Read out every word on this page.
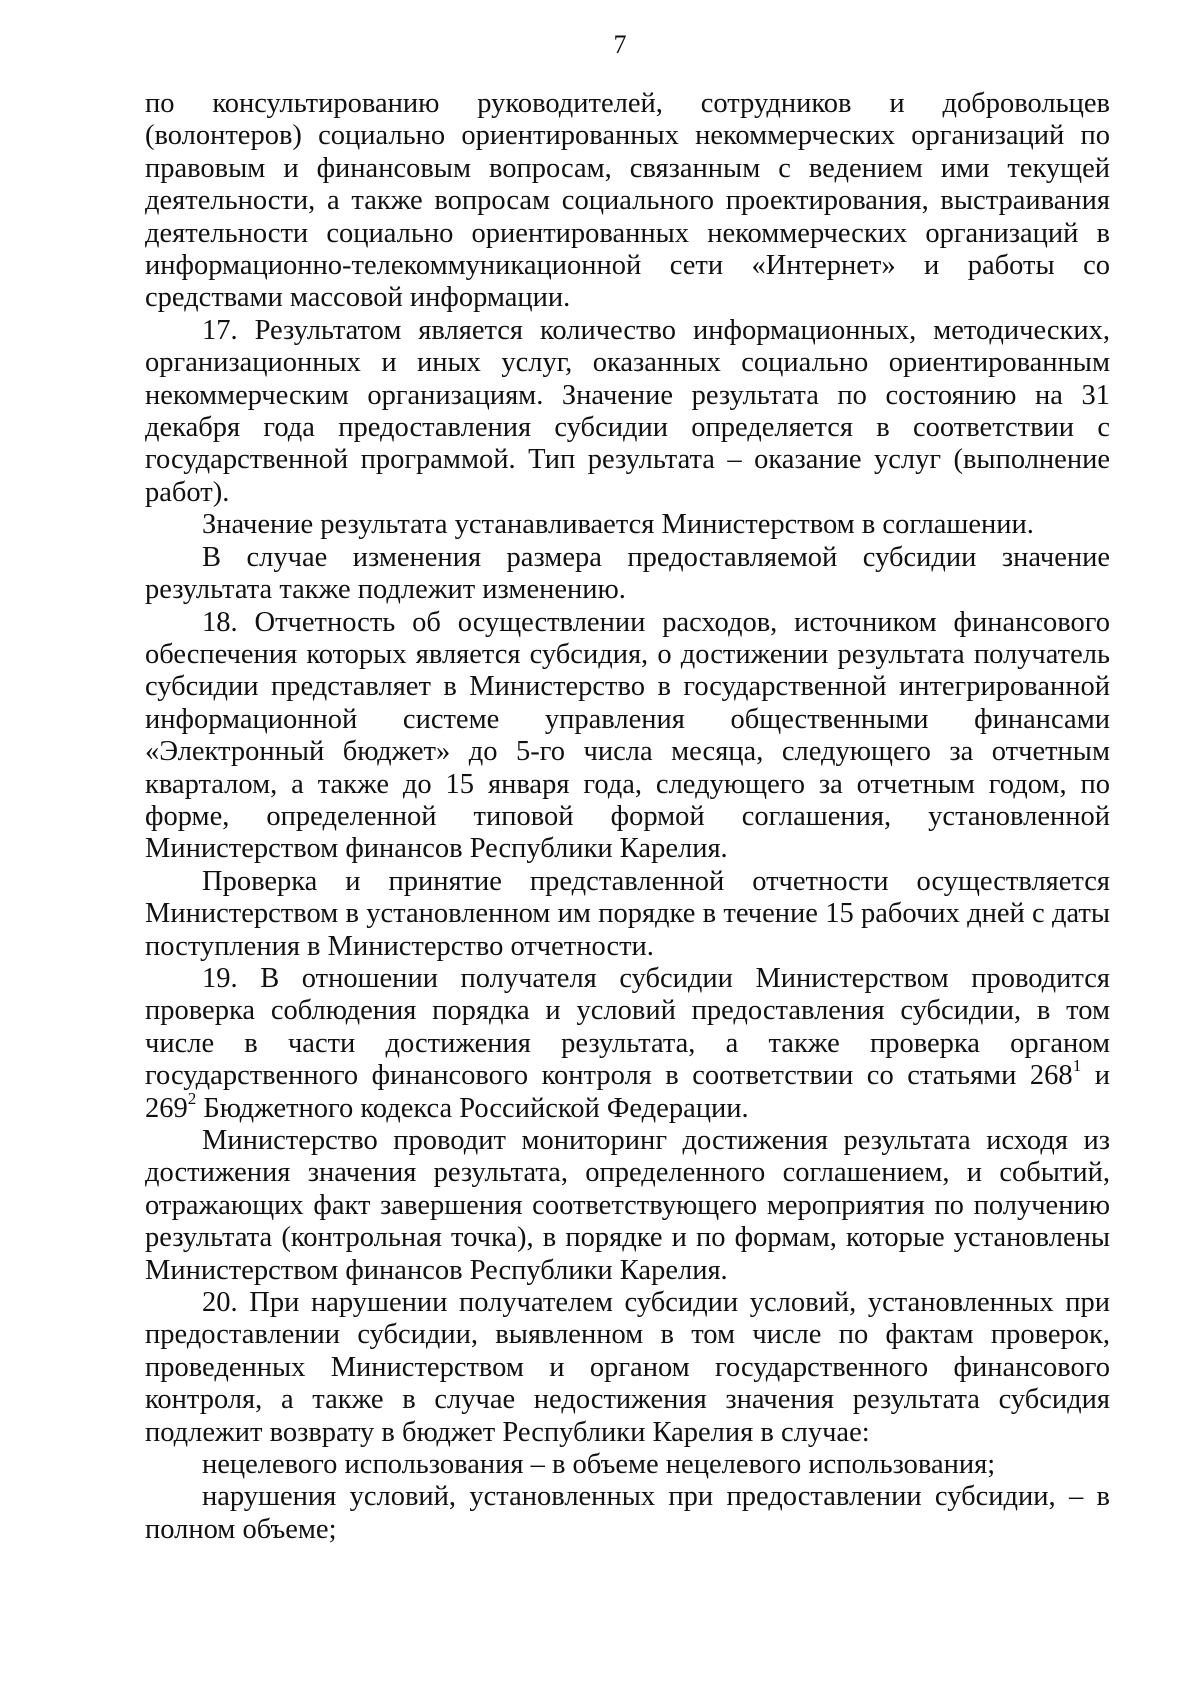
7

по консультированию руководителей, сотрудников и добровольцев (волонтеров) социально ориентированных некоммерческих организаций по правовым и финансовым вопросам, связанным с ведением ими текущей деятельности, а также вопросам социального проектирования, выстраивания деятельности социально ориентированных некоммерческих организаций в информационно-телекоммуникационной сети «Интернет» и работы со средствами массовой информации.

17. Результатом является количество информационных, методических, организационных и иных услуг, оказанных социально ориентированным некоммерческим организациям. Значение результата по состоянию на 31 декабря года предоставления субсидии определяется в соответствии с государственной программой. Тип результата – оказание услуг (выполнение работ).

Значение результата устанавливается Министерством в соглашении.

В случае изменения размера предоставляемой субсидии значение результата также подлежит изменению.

18. Отчетность об осуществлении расходов, источником финансового обеспечения которых является субсидия, о достижении результата получатель субсидии представляет в Министерство в государственной интегрированной информационной системе управления общественными финансами «Электронный бюджет» до 5-го числа месяца, следующего за отчетным кварталом, а также до 15 января года, следующего за отчетным годом, по форме, определенной типовой формой соглашения, установленной Министерством финансов Республики Карелия.

Проверка и принятие представленной отчетности осуществляется Министерством в установленном им порядке в течение 15 рабочих дней с даты поступления в Министерство отчетности.

19. В отношении получателя субсидии Министерством проводится проверка соблюдения порядка и условий предоставления субсидии, в том числе в части достижения результата, а также проверка органом государственного финансового контроля в соответствии со статьями $268^1$ и $269^2$ Бюджетного кодекса Российской Федерации.

Министерство проводит мониторинг достижения результата исходя из достижения значения результата, определенного соглашением, и событий, отражающих факт завершения соответствующего мероприятия по получению результата (контрольная точка), в порядке и по формам, которые установлены Министерством финансов Республики Карелия.

20. При нарушении получателем субсидии условий, установленных при предоставлении субсидии, выявленном в том числе по фактам проверок, проведенных Министерством и органом государственного финансового контроля, а также в случае недостижения значения результата субсидия подлежит возврату в бюджет Республики Карелия в случае:

нецелевого использования – в объеме нецелевого использования;

нарушения условий, установленных при предоставлении субсидии, – в полном объеме;
